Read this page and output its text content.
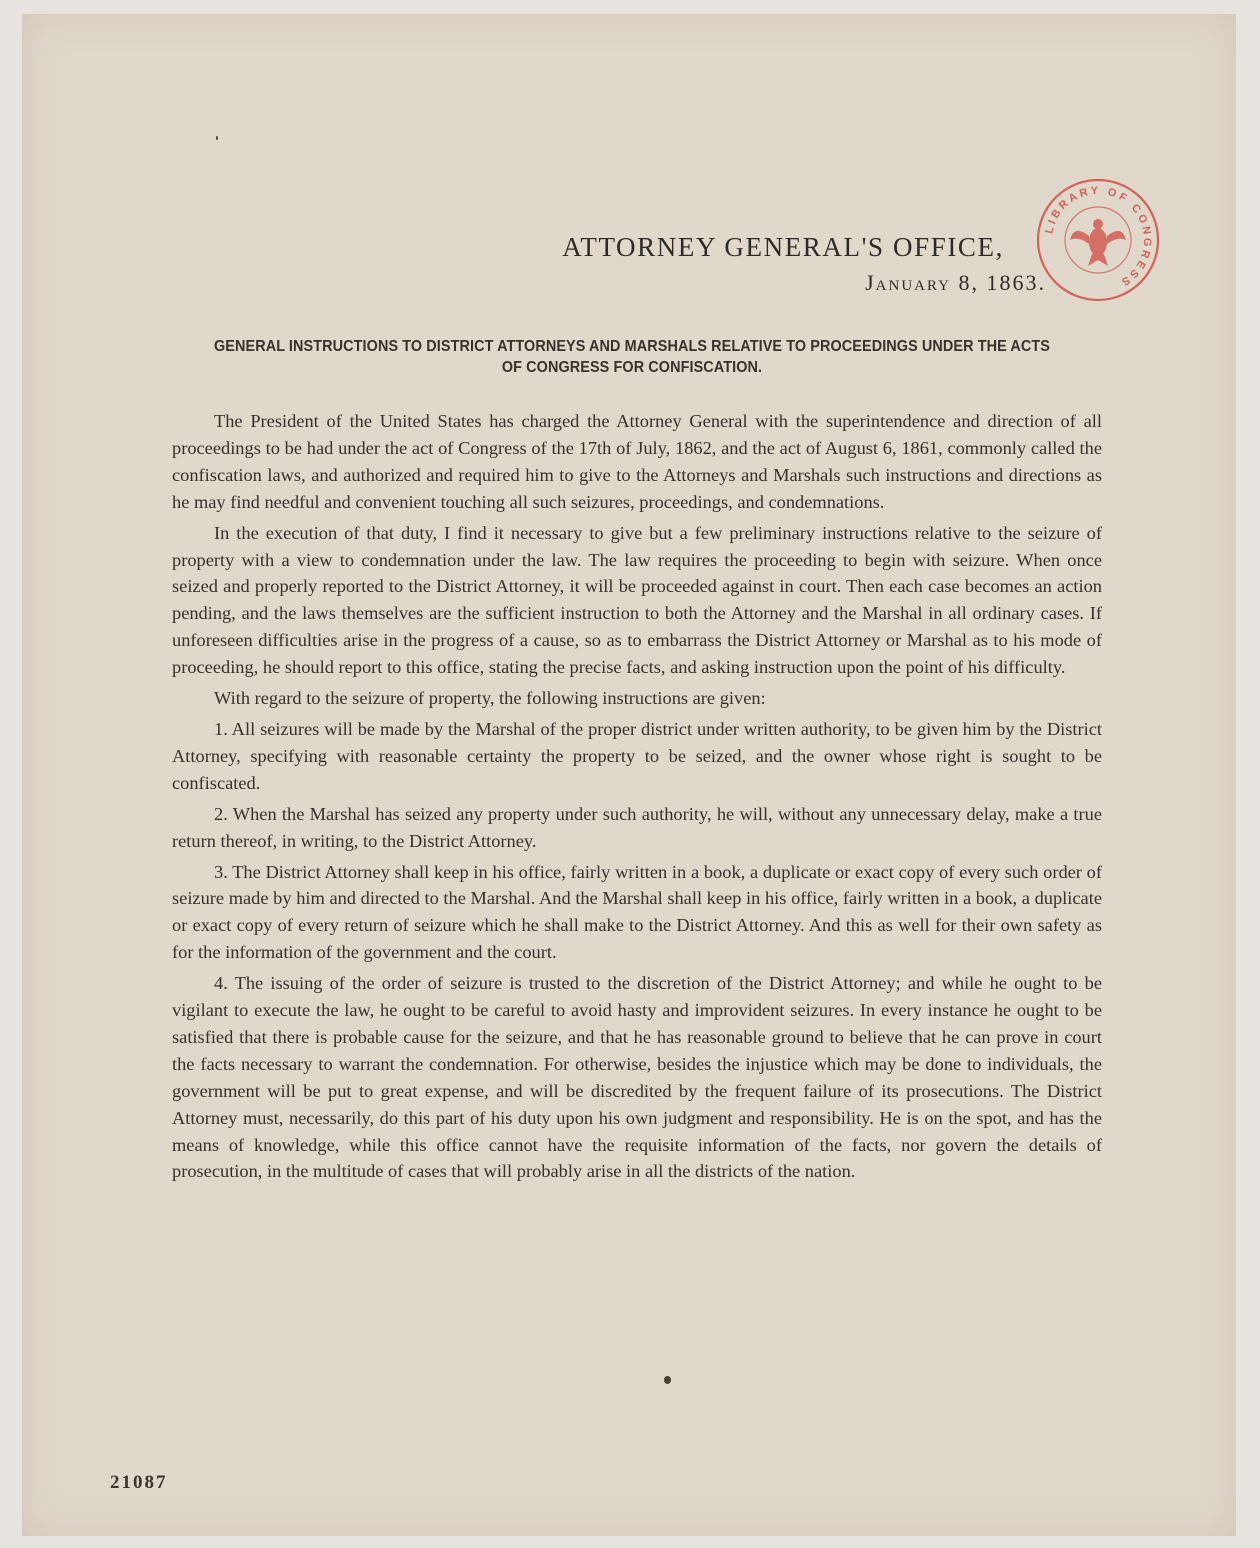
LIBRARY OF CONGRESS
ATTORNEY GENERAL'S OFFICE,
January 8, 1863.
GENERAL INSTRUCTIONS TO DISTRICT ATTORNEYS AND MARSHALS RELATIVE TO PROCEEDINGS UNDER THE ACTS
OF CONGRESS FOR CONFISCATION.

The President of the United States has charged the Attorney General with the superintendence and direction of all proceedings to be had under the act of Congress of the 17th of July, 1862, and the act of August 6, 1861, commonly called the confiscation laws, and authorized and required him to give to the Attorneys and Marshals such instructions and directions as he may find needful and convenient touching all such seizures, proceedings, and condemnations.

In the execution of that duty, I find it necessary to give but a few preliminary instructions relative to the seizure of property with a view to condemnation under the law. The law requires the proceeding to begin with seizure. When once seized and properly reported to the District Attorney, it will be proceeded against in court. Then each case becomes an action pending, and the laws themselves are the sufficient instruction to both the Attorney and the Marshal in all ordinary cases. If unforeseen difficulties arise in the progress of a cause, so as to embarrass the District Attorney or Marshal as to his mode of proceeding, he should report to this office, stating the precise facts, and asking instruction upon the point of his difficulty.

With regard to the seizure of property, the following instructions are given:

1. All seizures will be made by the Marshal of the proper district under written authority, to be given him by the District Attorney, specifying with reasonable certainty the property to be seized, and the owner whose right is sought to be confiscated.

2. When the Marshal has seized any property under such authority, he will, without any unnecessary delay, make a true return thereof, in writing, to the District Attorney.

3. The District Attorney shall keep in his office, fairly written in a book, a duplicate or exact copy of every such order of seizure made by him and directed to the Marshal. And the Marshal shall keep in his office, fairly written in a book, a duplicate or exact copy of every return of seizure which he shall make to the District Attorney. And this as well for their own safety as for the information of the government and the court.

4. The issuing of the order of seizure is trusted to the discretion of the District Attorney; and while he ought to be vigilant to execute the law, he ought to be careful to avoid hasty and improvident seizures. In every instance he ought to be satisfied that there is probable cause for the seizure, and that he has reasonable ground to believe that he can prove in court the facts necessary to warrant the condemnation. For otherwise, besides the injustice which may be done to individuals, the government will be put to great expense, and will be discredited by the frequent failure of its prosecutions. The District Attorney must, necessarily, do this part of his duty upon his own judgment and responsibility. He is on the spot, and has the means of knowledge, while this office cannot have the requisite information of the facts, nor govern the details of prosecution, in the multitude of cases that will probably arise in all the districts of the nation.

21087
